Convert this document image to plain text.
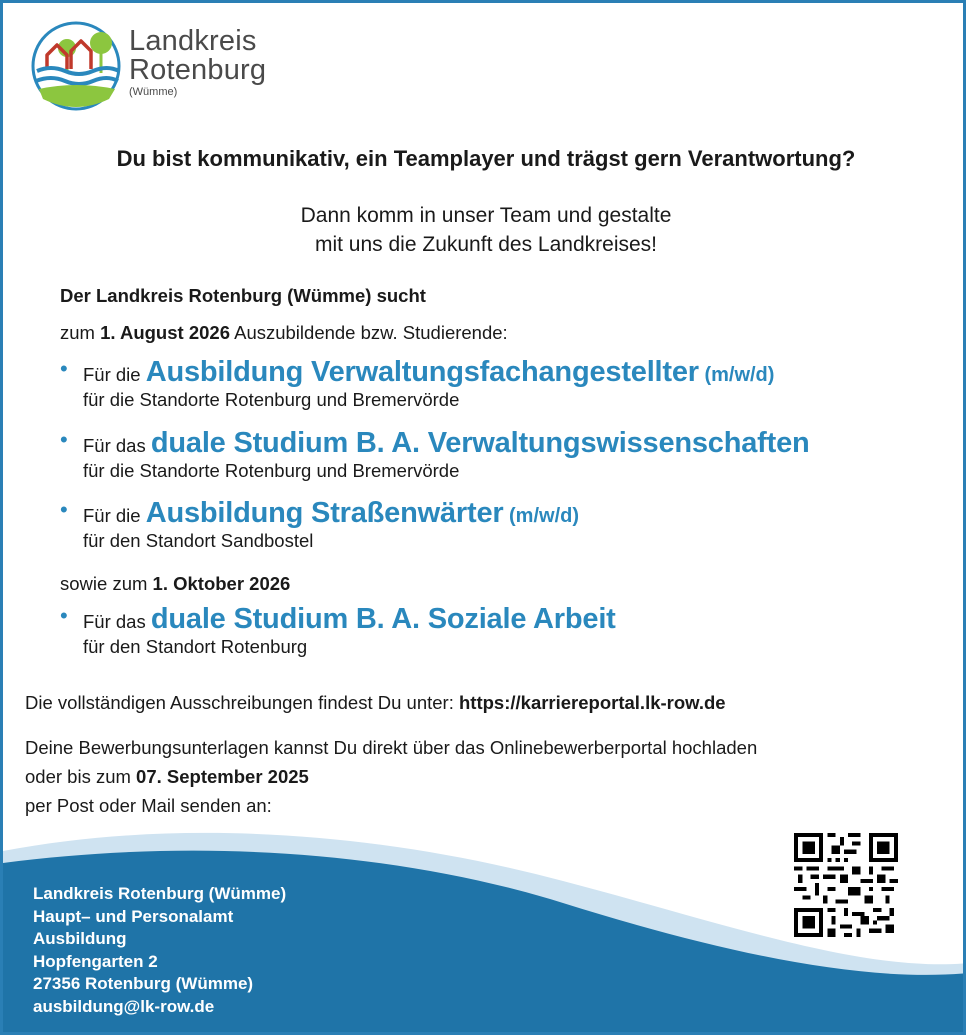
Landkreis
Rotenburg
(Wümme)
Du bist kommunikativ, ein Teamplayer und trägst gern Verantwortung?
Dann komm in unser Team und gestalte
mit uns die Zukunft des Landkreises!
Der Landkreis Rotenburg (Wümme) sucht
zum 1. August 2026 Auszubildende bzw. Studierende:
• Für die Ausbildung Verwaltungsfachangestellter (m/w/d)
für die Standorte Rotenburg und Bremervörde
• Für das duale Studium B. A. Verwaltungswissenschaften
für die Standorte Rotenburg und Bremervörde
• Für die Ausbildung Straßenwärter (m/w/d)
für den Standort Sandbostel
sowie zum 1. Oktober 2026
• Für das duale Studium B. A. Soziale Arbeit
für den Standort Rotenburg
Die vollständigen Ausschreibungen findest Du unter: https://karriereportal.lk-row.de
Deine Bewerbungsunterlagen kannst Du direkt über das Onlinebewerberportal hochladen
oder bis zum 07. September 2025
per Post oder Mail senden an:
Landkreis Rotenburg (Wümme)
Haupt– und Personalamt
Ausbildung
Hopfengarten 2
27356 Rotenburg (Wümme)
ausbildung@lk-row.de
